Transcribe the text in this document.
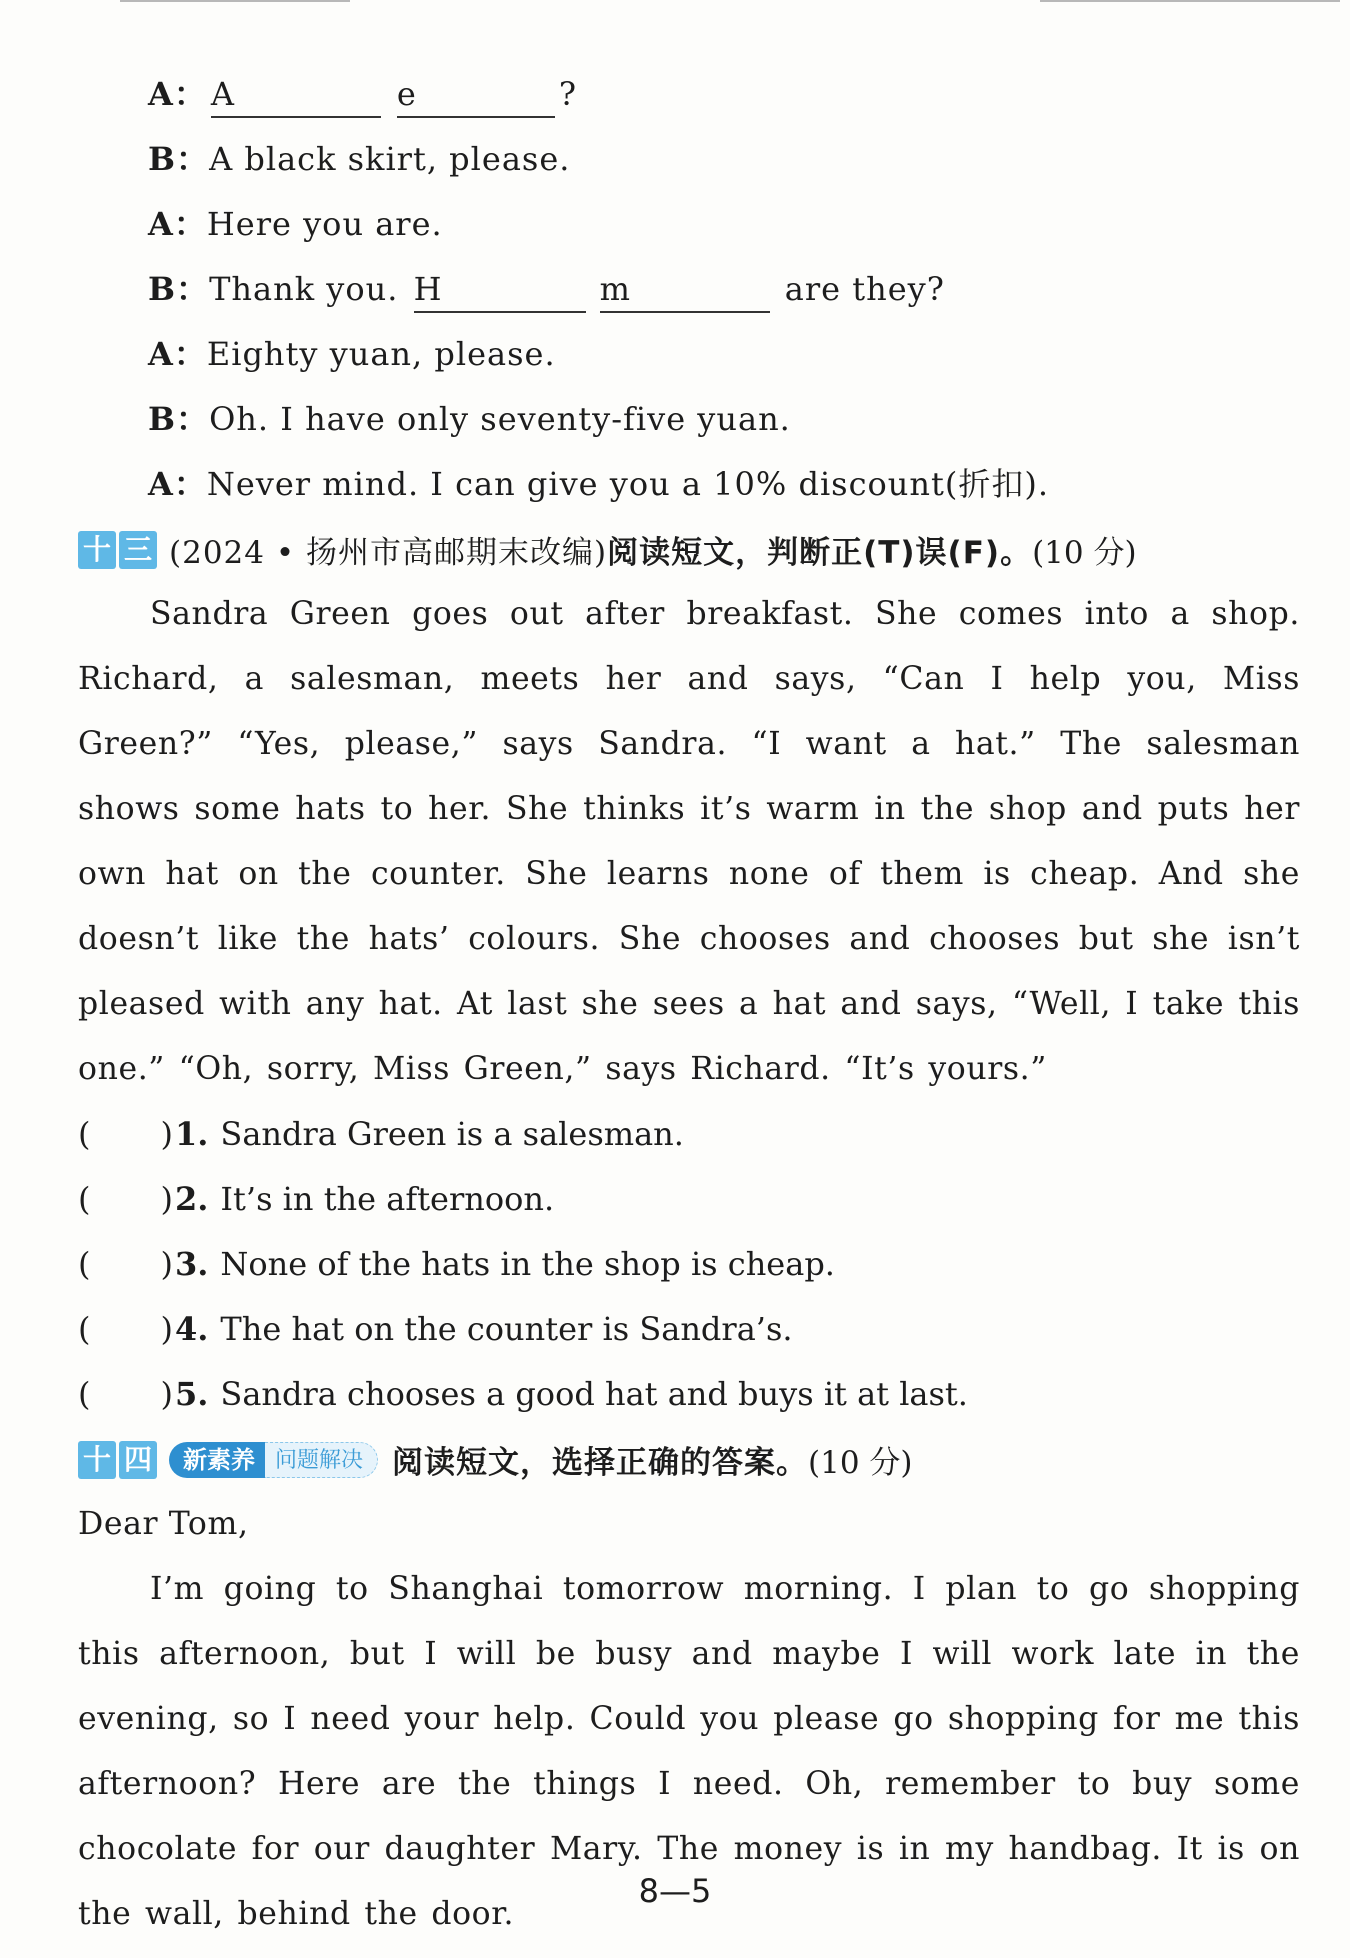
A： A	e	?
B：A black skirt, please.
A：Here you are.
B：Thank you. H	m	are they?
A：Eighty yuan, please.
B：Oh. I have only seventy-five yuan.
A：Never mind. I can give you a 10% discount(折扣).
十 三 (2024 • 扬州市高邮期末改编) 阅读短文，判断正(T)误(F)。 (10 分)

Sandra Green goes out after breakfast. She comes into a shop. Richard, a salesman, meets her and says, “Can I help you, Miss Green?” “Yes, please,” says Sandra. “I want a hat.” The salesman shows some hats to her. She thinks it’s warm in the shop and puts her own hat on the counter. She learns none of them is cheap. And she doesn’t like the hats’ colours. She chooses and chooses but she isn’t pleased with any hat. At last she sees a hat and says, “Well, I take this one.” “Oh, sorry, Miss Green,” says Richard. “It’s yours.”

( ) 1. Sandra Green is a salesman.
( ) 2. It’s in the afternoon.
( ) 3. None of the hats in the shop is cheap.
( ) 4. The hat on the counter is Sandra’s.
( ) 5. Sandra chooses a good hat and buys it at last.
十 四	新素养 问题解决 阅读短文，选择正确的答案。 (10 分)
Dear Tom,

I’m going to Shanghai tomorrow morning. I plan to go shopping this afternoon, but I will be busy and maybe I will work late in the evening, so I need your help. Could you please go shopping for me this afternoon? Here are the things I need. Oh, remember to buy some chocolate for our daughter Mary. The money is in my handbag. It is on the wall, behind the door.

8—5
